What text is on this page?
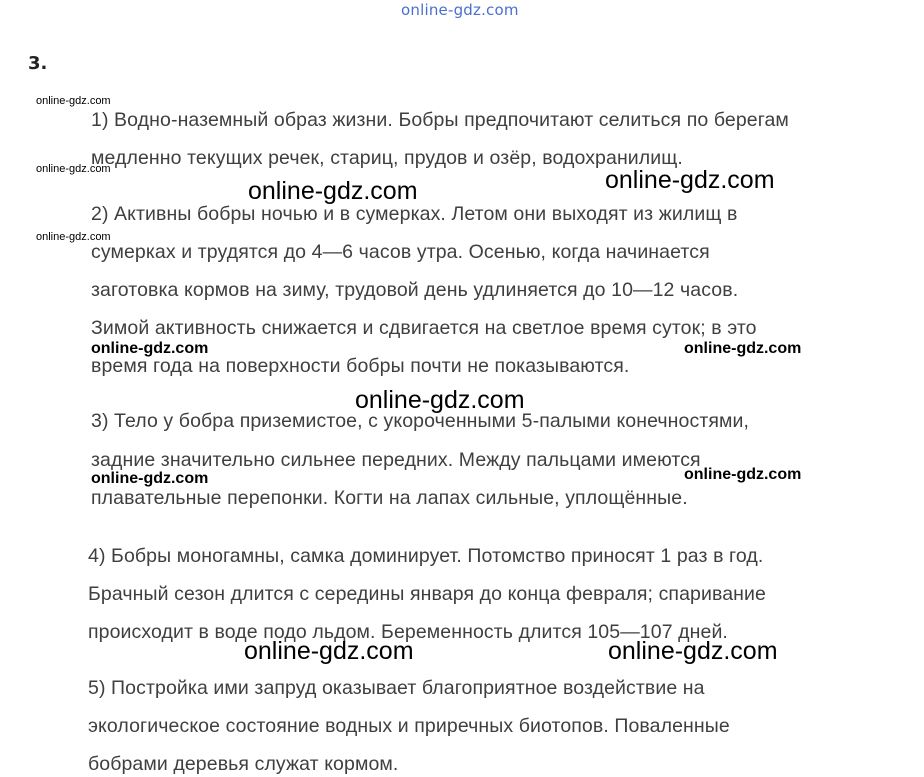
online-gdz.com
3.
1) Водно-наземный образ жизни. Бобры предпочитают селиться по берегам
медленно текущих речек, стариц, прудов и озёр, водохранилищ.
2) Активны бобры ночью и в сумерках. Летом они выходят из жилищ в
сумерках и трудятся до 4—6 часов утра. Осенью, когда начинается
заготовка кормов на зиму, трудовой день удлиняется до 10—12 часов.
Зимой активность снижается и сдвигается на светлое время суток; в это
время года на поверхности бобры почти не показываются.
3) Тело у бобра приземистое, с укороченными 5-палыми конечностями,
задние значительно сильнее передних. Между пальцами имеются
плавательные перепонки. Когти на лапах сильные, уплощённые.
4) Бобры моногамны, самка доминирует. Потомство приносят 1 раз в год.
Брачный сезон длится с середины января до конца февраля; спаривание
происходит в воде подо льдом. Беременность длится 105—107 дней.
5) Постройка ими запруд оказывает благоприятное воздействие на
экологическое состояние водных и приречных биотопов. Поваленные
бобрами деревья служат кормом.
online-gdz.com
online-gdz.com
online-gdz.com
online-gdz.com	online-gdz.com
online-gdz.com	online-gdz.com
online-gdz.com
online-gdz.com	online-gdz.com
online-gdz.com	online-gdz.com
